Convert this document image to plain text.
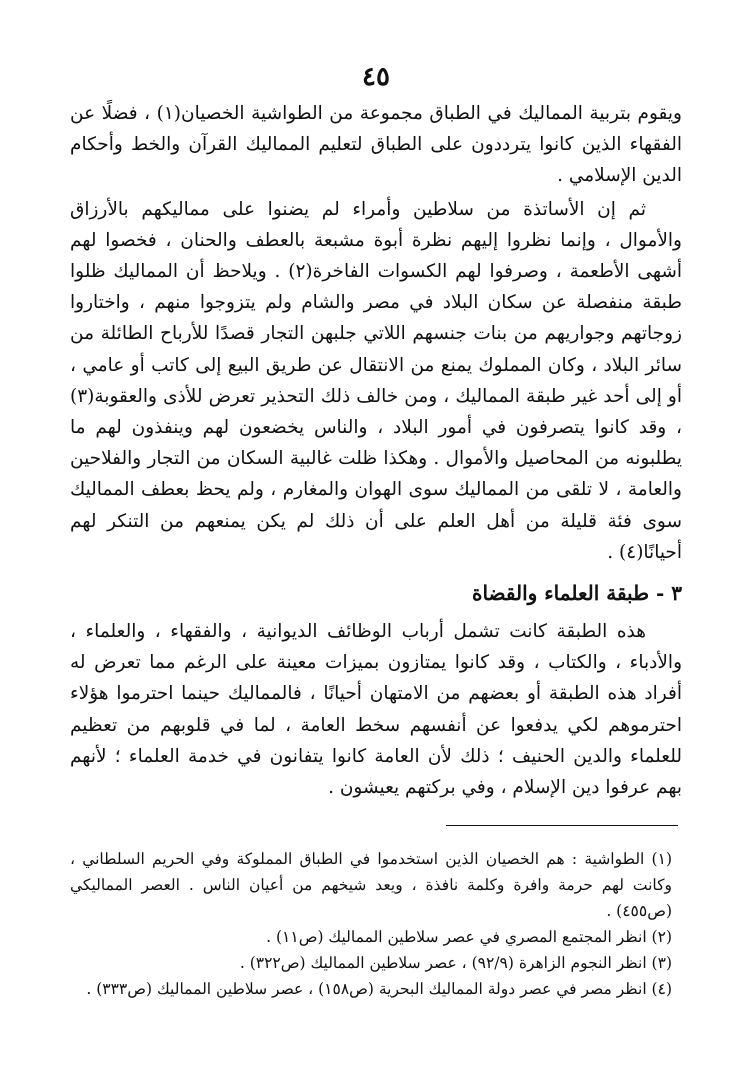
٤٥

ويقوم بتربية المماليك في الطباق مجموعة من الطواشية الخصيان(١) ، فضلًا عن الفقهاء الذين كانوا يترددون على الطباق لتعليم المماليك القرآن والخط وأحكام الدين الإسلامي .

ثم إن الأساتذة من سلاطين وأمراء لم يضنوا على مماليكهم بالأرزاق والأموال ، وإنما نظروا إليهم نظرة أبوة مشبعة بالعطف والحنان ، فخصوا لهم أشهى الأطعمة ، وصرفوا لهم الكسوات الفاخرة(٢) . ويلاحظ أن المماليك ظلوا طبقة منفصلة عن سكان البلاد في مصر والشام ولم يتزوجوا منهم ، واختاروا زوجاتهم وجواريهم من بنات جنسهم اللاتي جلبهن التجار قصدًا للأرباح الطائلة من سائر البلاد ، وكان المملوك يمنع من الانتقال عن طريق البيع إلى كاتب أو عامي ، أو إلى أحد غير طبقة المماليك ، ومن خالف ذلك التحذير تعرض للأذى والعقوبة(٣) ، وقد كانوا يتصرفون في أمور البلاد ، والناس يخضعون لهم وينفذون لهم ما يطلبونه من المحاصيل والأموال . وهكذا ظلت غالبية السكان من التجار والفلاحين والعامة ، لا تلقى من المماليك سوى الهوان والمغارم ، ولم يحظ بعطف المماليك سوى فئة قليلة من أهل العلم على أن ذلك لم يكن يمنعهم من التنكر لهم أحيانًا(٤) .

٣ - طبقة العلماء والقضاة

هذه الطبقة كانت تشمل أرباب الوظائف الديوانية ، والفقهاء ، والعلماء ، والأدباء ، والكتاب ، وقد كانوا يمتازون بميزات معينة على الرغم مما تعرض له أفراد هذه الطبقة أو بعضهم من الامتهان أحيانًا ، فالمماليك حينما احترموا هؤلاء احترموهم لكي يدفعوا عن أنفسهم سخط العامة ، لما في قلوبهم من تعظيم للعلماء والدين الحنيف ؛ ذلك لأن العامة كانوا يتفانون في خدمة العلماء ؛ لأنهم بهم عرفوا دين الإسلام ، وفي بركتهم يعيشون .

(١) الطواشية : هم الخصيان الذين استخدموا في الطباق المملوكة وفي الحريم السلطاني ، وكانت لهم حرمة وافرة وكلمة نافذة ، ويعد شيخهم من أعيان الناس . العصر المماليكي (ص٤٥٥) .
(٢) انظر المجتمع المصري في عصر سلاطين المماليك (ص١١) .
(٣) انظر النجوم الزاهرة (٩٢/٩) ، عصر سلاطين المماليك (ص٣٢٢) .
(٤) انظر مصر في عصر دولة المماليك البحرية (ص١٥٨) ، عصر سلاطين المماليك (ص٣٣٣) .
